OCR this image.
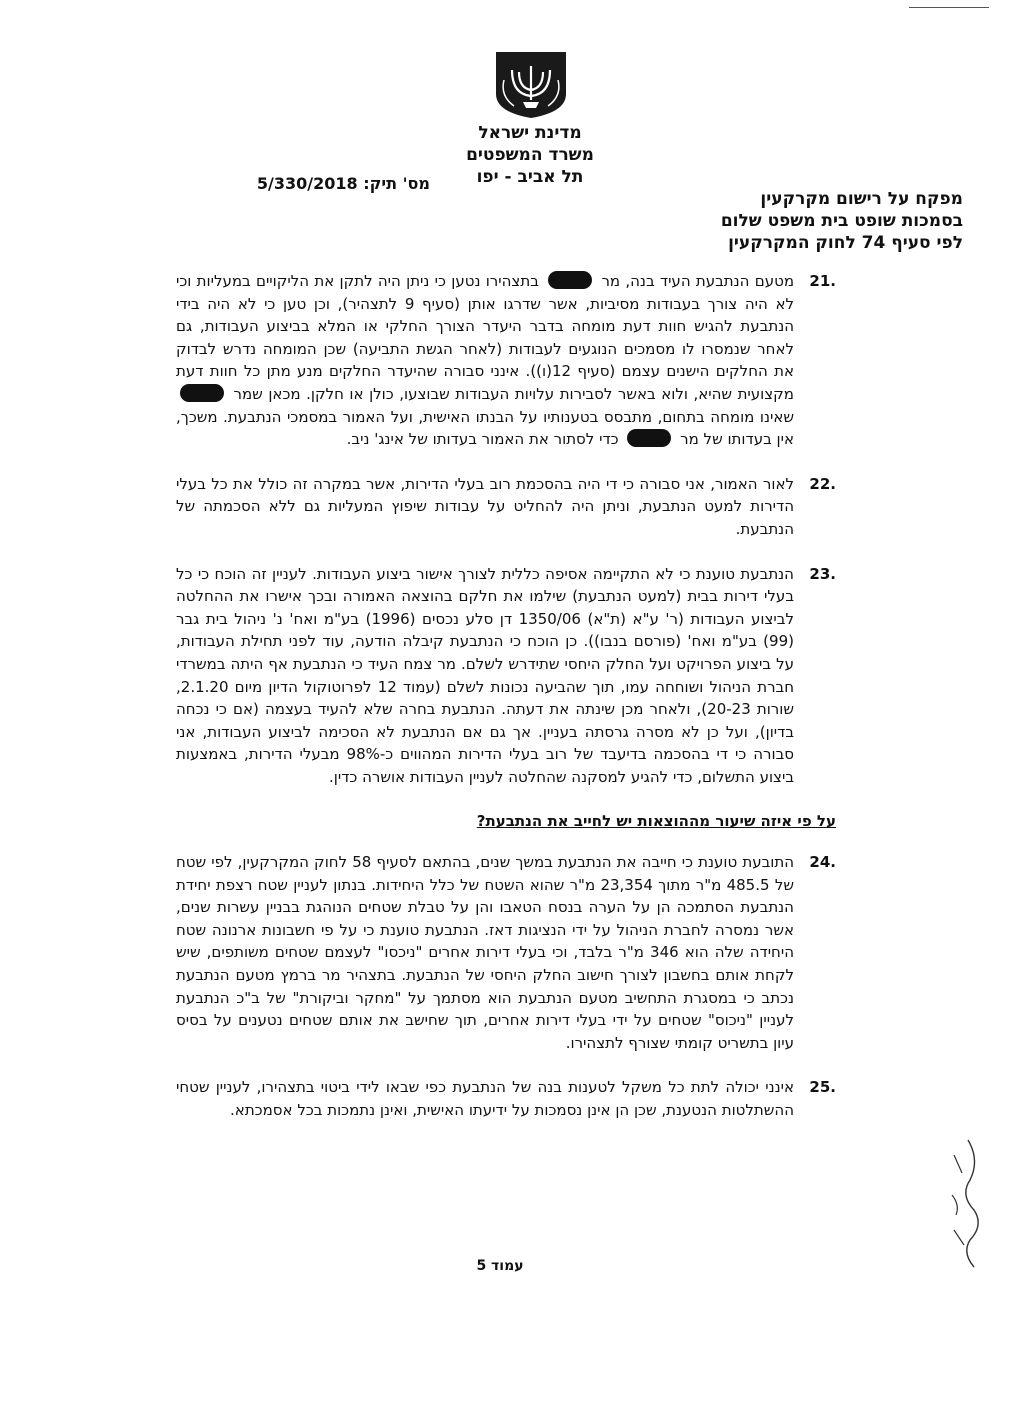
מדינת ישראל
משרד המשפטים
תל אביב - יפו
מס' תיק: 5/330/2018
מפקח על רישום מקרקעין
בסמכות שופט בית משפט שלום
לפי סעיף 74 לחוק המקרקעין
21.
מטעם הנתבעת העיד בנה, מר  בתצהירו נטען כי ניתן היה לתקן את הליקויים במעליות וכי לא היה צורך בעבודות מסיביות, אשר שדרגו אותן (סעיף 9 לתצהיר), וכן טען כי לא היה בידי הנתבעת להגיש חוות דעת מומחה בדבר היעדר הצורך החלקי או המלא בביצוע העבודות, גם לאחר שנמסרו לו מסמכים הנוגעים לעבודות (לאחר הגשת התביעה) שכן המומחה נדרש לבדוק את החלקים הישנים עצמם (סעיף 12(ו)). אינני סבורה שהיעדר החלקים מנע מתן כל חוות דעת מקצועית שהיא, ולוא באשר לסבירות עלויות העבודות שבוצעו, כולן או חלקן. מכאן שמר  שאינו מומחה בתחום, מתבסס בטענותיו על הבנתו האישית, ועל האמור במסמכי הנתבעת. משכך, אין בעדותו של מר  כדי לסתור את האמור בעדותו של אינג' ניב.
22.
לאור האמור, אני סבורה כי די היה בהסכמת רוב בעלי הדירות, אשר במקרה זה כולל את כל בעלי הדירות למעט הנתבעת, וניתן היה להחליט על עבודות שיפוץ המעליות גם ללא הסכמתה של הנתבעת.
23.
הנתבעת טוענת כי לא התקיימה אסיפה כללית לצורך אישור ביצוע העבודות. לעניין זה הוכח כי כל בעלי דירות בבית (למעט הנתבעת) שילמו את חלקם בהוצאה האמורה ובכך אישרו את ההחלטה לביצוע העבודות (ר' ע"א (ת"א) 1350/06 דן סלע נכסים (1996) בע"מ ואח' נ' ניהול בית גבר (99) בע"מ ואח' (פורסם בנבו)). כן הוכח כי הנתבעת קיבלה הודעה, עוד לפני תחילת העבודות, על ביצוע הפרויקט ועל החלק היחסי שתידרש לשלם. מר צמח העיד כי הנתבעת אף היתה במשרדי חברת הניהול ושוחחה עמו, תוך שהביעה נכונות לשלם (עמוד 12 לפרוטוקול הדיון מיום 2.1.20, שורות 20-23), ולאחר מכן שינתה את דעתה. הנתבעת בחרה שלא להעיד בעצמה (אם כי נכחה בדיון), ועל כן לא מסרה גרסתה בעניין. אך גם אם הנתבעת לא הסכימה לביצוע העבודות, אני סבורה כי די בהסכמה בדיעבד של רוב בעלי הדירות המהווים כ-98% מבעלי הדירות, באמצעות ביצוע התשלום, כדי להגיע למסקנה שהחלטה לעניין העבודות אושרה כדין.
על פי איזה שיעור מההוצאות יש לחייב את הנתבעת?
24.
התובעת טוענת כי חייבה את הנתבעת במשך שנים, בהתאם לסעיף 58 לחוק המקרקעין, לפי שטח של 485.5 מ"ר מתוך 23,354 מ"ר שהוא השטח של כלל היחידות. בנתון לעניין שטח רצפת יחידת הנתבעת הסתמכה הן על הערה בנסח הטאבו והן על טבלת שטחים הנוהגת בבניין עשרות שנים, אשר נמסרה לחברת הניהול על ידי הנציגות דאז. הנתבעת טוענת כי על פי חשבונות ארנונה שטח היחידה שלה הוא 346 מ"ר בלבד, וכי בעלי דירות אחרים "ניכסו" לעצמם שטחים משותפים, שיש לקחת אותם בחשבון לצורך חישוב החלק היחסי של הנתבעת. בתצהיר מר ברמץ מטעם הנתבעת נכתב כי במסגרת התחשיב מטעם הנתבעת הוא מסתמך על "מחקר וביקורת" של ב"כ הנתבעת לעניין "ניכוס" שטחים על ידי בעלי דירות אחרים, תוך שחישב את אותם שטחים נטענים על בסיס עיון בתשריט קומתי שצורף לתצהירו.
25.
אינני יכולה לתת כל משקל לטענות בנה של הנתבעת כפי שבאו לידי ביטוי בתצהירו, לעניין שטחי ההשתלטות הנטענת, שכן הן אינן נסמכות על ידיעתו האישית, ואינן נתמכות בכל אסמכתא.
עמוד 5
